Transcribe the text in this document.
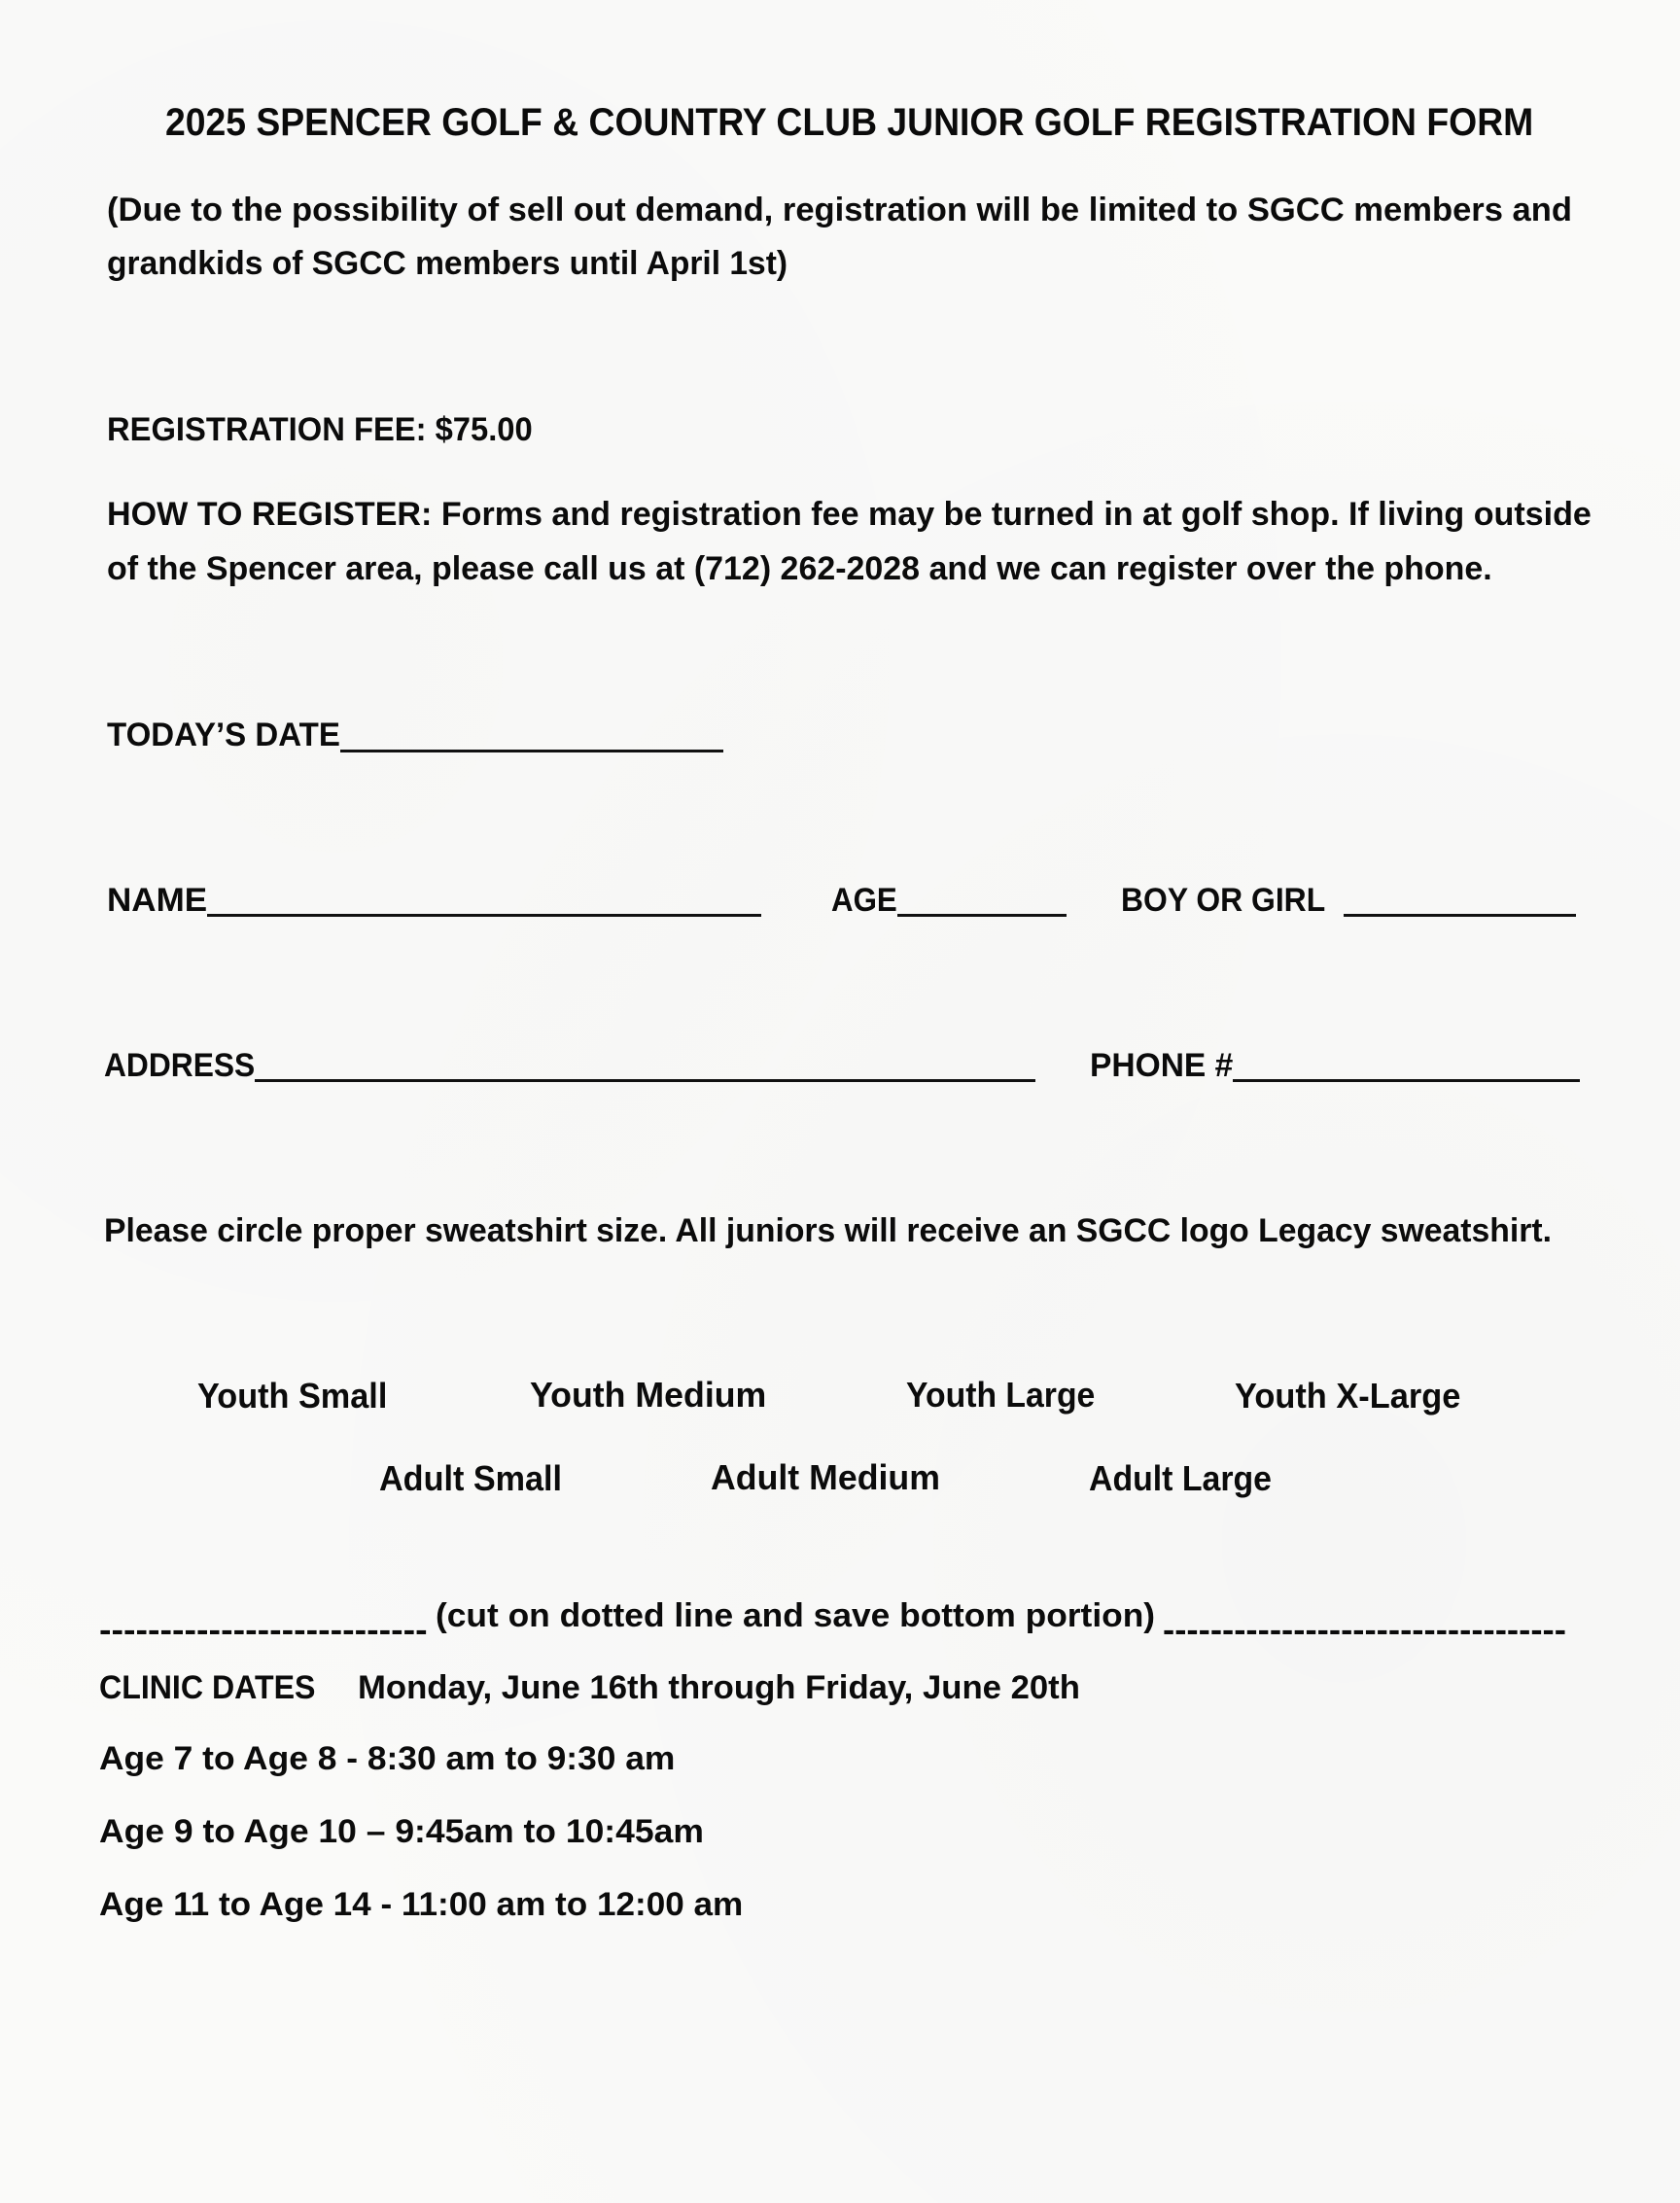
2025 SPENCER GOLF & COUNTRY CLUB JUNIOR GOLF REGISTRATION FORM
(Due to the possibility of sell out demand, registration will be limited to SGCC members and
grandkids of SGCC members until April 1st)
REGISTRATION FEE: $75.00
HOW TO REGISTER: Forms and registration fee may be turned in at golf shop. If living outside
of the Spencer area, please call us at (712) 262-2028 and we can register over the phone.
TODAY’S DATE
NAME	AGE	BOY OR GIRL
ADDRESS	PHONE #
Please circle proper sweatshirt size. All juniors will receive an SGCC logo Legacy sweatshirt.
Youth Small	Youth Medium	Youth Large	Youth X-Large
Adult Small	Adult Medium	Adult Large
--------------------------- (cut on dotted line and save bottom portion) ----------------------------------
CLINIC DATES Monday, June 16th through Friday, June 20th
Age 7 to Age 8 - 8:30 am to 9:30 am
Age 9 to Age 10 – 9:45am to 10:45am
Age 11 to Age 14 - 11:00 am to 12:00 am
